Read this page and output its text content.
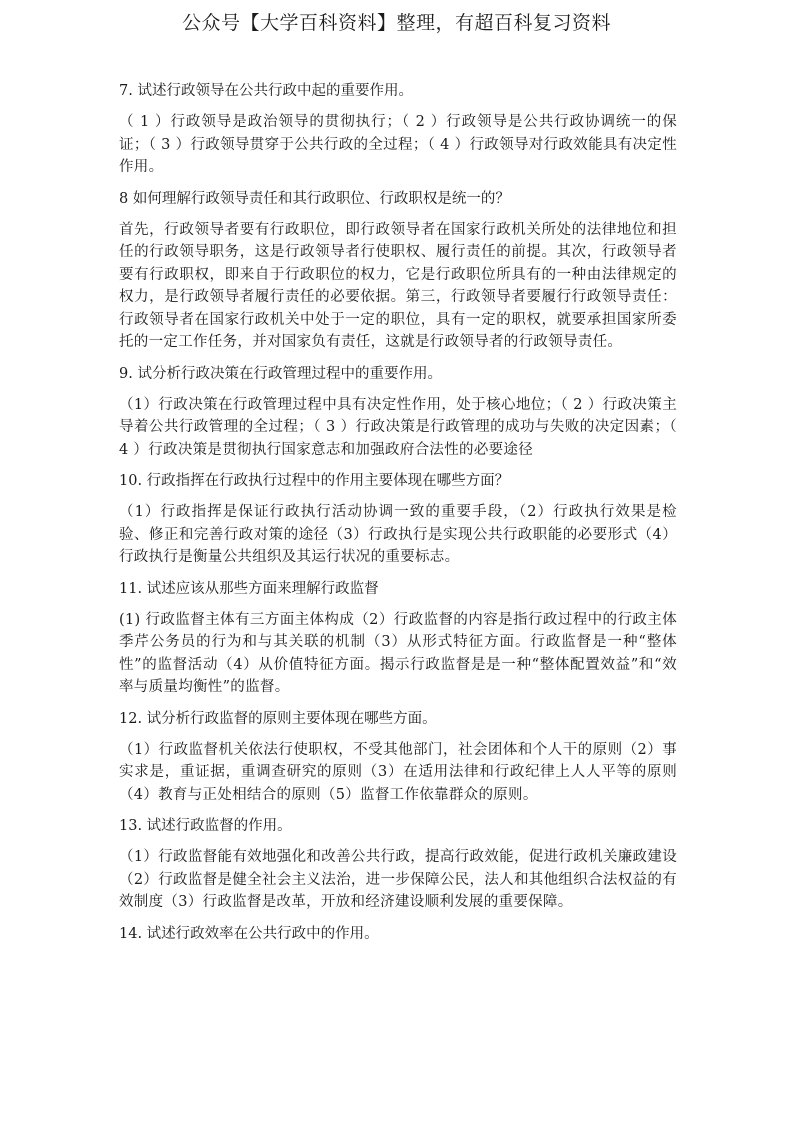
公众号【大学百科资料】整理，有超百科复习资料

7. 试述行政领导在公共行政中起的重要作用。

（ 1 ）行政领导是政治领导的贯彻执行；（ 2 ）行政领导是公共行政协调统一的保证；（ 3 ）行政领导贯穿于公共行政的全过程；（ 4 ）行政领导对行政效能具有决定性作用。

8 如何理解行政领导责任和其行政职位、行政职权是统一的？

首先，行政领导者要有行政职位，即行政领导者在国家行政机关所处的法律地位和担任的行政领导职务，这是行政领导者行使职权、履行责任的前提。其次，行政领导者要有行政职权，即来自于行政职位的权力，它是行政职位所具有的一种由法律规定的权力，是行政领导者履行责任的必要依据。第三，行政领导者要履行行政领导责任：行政领导者在国家行政机关中处于一定的职位，具有一定的职权，就要承担国家所委托的一定工作任务，并对国家负有责任，这就是行政领导者的行政领导责任。

9. 试分析行政决策在行政管理过程中的重要作用。

（1）行政决策在行政管理过程中具有决定性作用，处于核心地位；（ 2 ）行政决策主导着公共行政管理的全过程；（ 3 ）行政决策是行政管理的成功与失败的决定因素；（ 4 ）行政决策是贯彻执行国家意志和加强政府合法性的必要途径

10. 行政指挥在行政执行过程中的作用主要体现在哪些方面？

（1）行政指挥是保证行政执行活动协调一致的重要手段，（2）行政执行效果是检验、修正和完善行政对策的途径（3）行政执行是实现公共行政职能的必要形式（4）行政执行是衡量公共组织及其运行状况的重要标志。

11. 试述应该从那些方面来理解行政监督

(1) 行政监督主体有三方面主体构成（2）行政监督的内容是指行政过程中的行政主体季芹公务员的行为和与其关联的机制（3）从形式特征方面。行政监督是一种“整体性”的监督活动（4）从价值特征方面。揭示行政监督是是一种“整体配置效益”和“效率与质量均衡性”的监督。

12. 试分析行政监督的原则主要体现在哪些方面。

（1）行政监督机关依法行使职权，不受其他部门，社会团体和个人干的原则（2）事实求是，重证据，重调查研究的原则（3）在适用法律和行政纪律上人人平等的原则（4）教育与正处相结合的原则（5）监督工作依靠群众的原则。

13. 试述行政监督的作用。

（1）行政监督能有效地强化和改善公共行政，提高行政效能，促进行政机关廉政建设（2）行政监督是健全社会主义法治，进一步保障公民，法人和其他组织合法权益的有效制度（3）行政监督是改革，开放和经济建设顺利发展的重要保障。

14. 试述行政效率在公共行政中的作用。
